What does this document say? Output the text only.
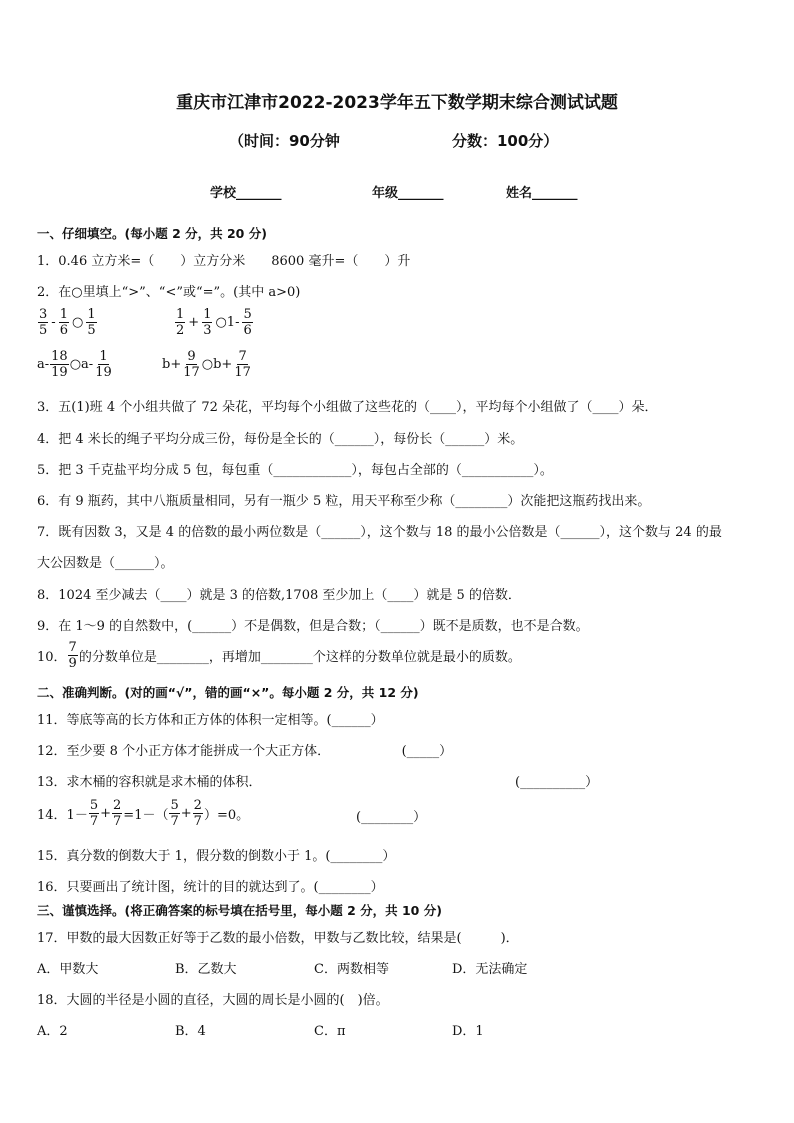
重庆市江津市2022-2023学年五下数学期末综合测试试题
（时间：90分钟	分数：100分）
学校_______	年级_______	姓名_______
一、仔细填空。(每小题 2 分，共 20 分)
1．0.46 立方米=（　　）立方分米　　8600 毫升=（　　）升
2．在○里填上“>”、“<”或“=”。(其中 a>0)
$\frac{3}{5} - \frac{1}{6}$ ○ $\frac{1}{5}$	$\frac{1}{2} + \frac{1}{3}$ ○1- $\frac{5}{6}$
$a- \frac{18}{19}$ ○a- $\frac{1}{19}$	$b+ \frac{9}{17}$ ○b+ $\frac{7}{17}$
3．五(1)班 4 个小组共做了 72 朵花，平均每个小组做了这些花的（____），平均每个小组做了（____）朵．
4．把 4 米长的绳子平均分成三份，每份是全长的（______），每份长（______）米。
5．把 3 千克盐平均分成 5 包，每包重（____________），每包占全部的（___________）。
6．有 9 瓶药，其中八瓶质量相同，另有一瓶少 5 粒，用天平称至少称（________）次能把这瓶药找出来。
7．既有因数 3，又是 4 的倍数的最小两位数是（______），这个数与 18 的最小公倍数是（______），这个数与 24 的最
大公因数是（______）。
8．1024 至少减去（____）就是 3 的倍数,1708 至少加上（____）就是 5 的倍数．
9．在 1～9 的自然数中，(______）不是偶数，但是合数；（______）既不是质数，也不是合数。
10． $\frac{7}{9}$ 的分数单位是________，再增加________个这样的分数单位就是最小的质数。
二、准确判断。(对的画“√”，错的画“×”。每小题 2 分，共 12 分)
11．等底等高的长方体和正方体的体积一定相等。(______）
12．至少要 8 个小正方体才能拼成一个大正方体．　　　　　　(_____）
13．求木桶的容积就是求木桶的体积．　　　　　　　　　　　　　　　　　　　　(__________）
14．$1- \frac{5}{7} + \frac{2}{7} =1-( \frac{5}{7} + \frac{2}{7} )=0$。	(________）
15．真分数的倒数大于 1，假分数的倒数小于 1。(________）
16．只要画出了统计图，统计的目的就达到了。(________）
三、谨慎选择。(将正确答案的标号填在括号里，每小题 2 分，共 10 分)
17．甲数的最大因数正好等于乙数的最小倍数，甲数与乙数比较，结果是(　　　)．
A．甲数大	B．乙数大	C．两数相等	D．无法确定
18．大圆的半径是小圆的直径，大圆的周长是小圆的(　)倍。
A．2	B．4	C．π	D．1
